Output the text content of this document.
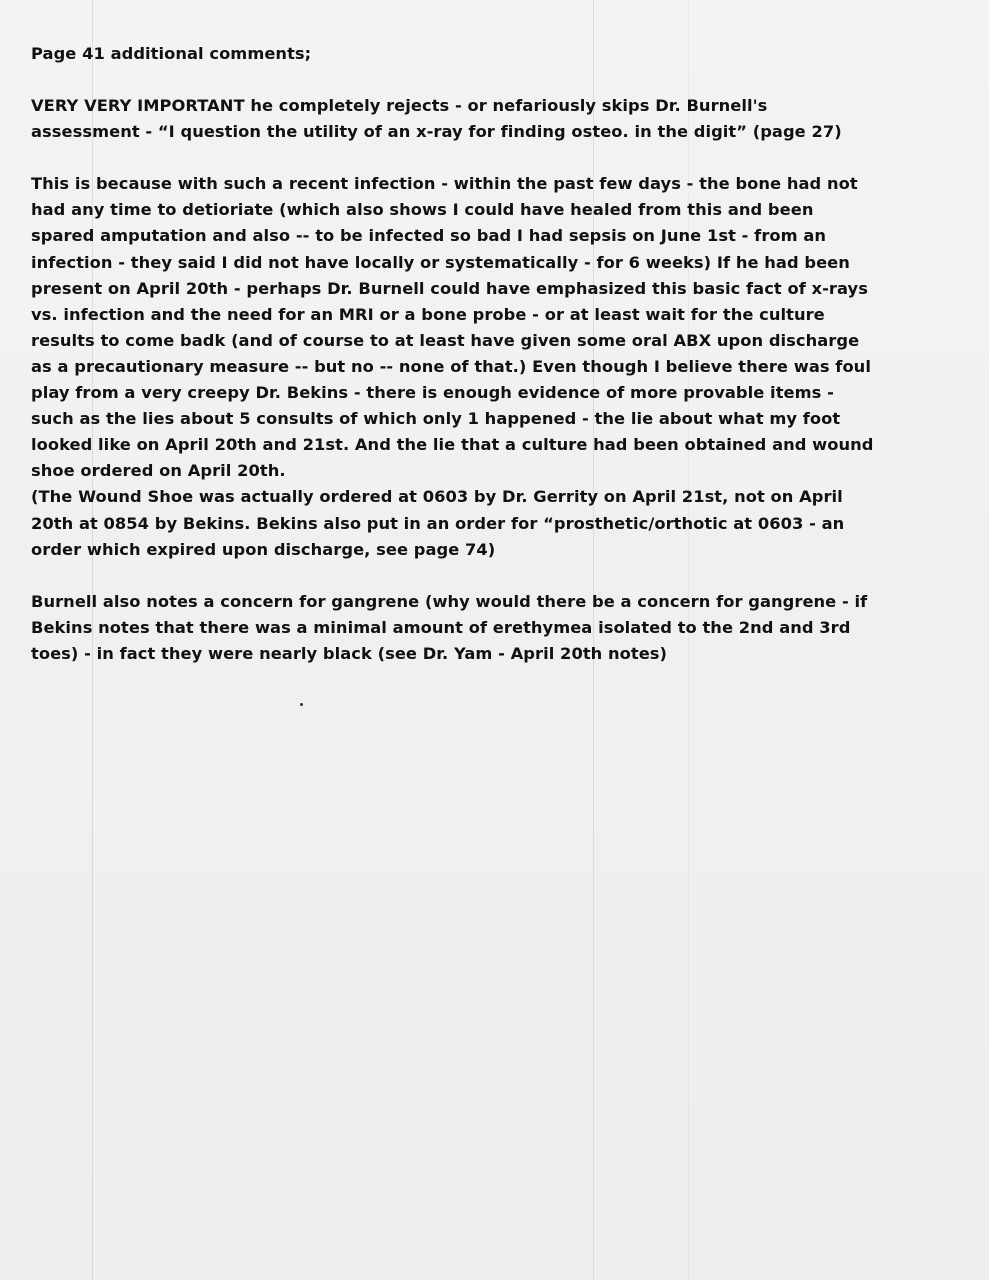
Page 41 additional comments;

VERY VERY IMPORTANT he completely rejects - or nefariously skips Dr. Burnell's

assessment - “I question the utility of an x-ray for finding osteo. in the digit” (page 27)

This is because with such a recent infection - within the past few days - the bone had not

had any time to detioriate (which also shows I could have healed from this and been

spared amputation and also -- to be infected so bad I had sepsis on June 1st - from an

infection - they said I did not have locally or systematically - for 6 weeks) If he had been

present on April 20th - perhaps Dr. Burnell could have emphasized this basic fact of x-rays

vs. infection and the need for an MRI or a bone probe - or at least wait for the culture

results to come badk (and of course to at least have given some oral ABX upon discharge

as a precautionary measure -- but no -- none of that.) Even though I believe there was foul

play from a very creepy Dr. Bekins - there is enough evidence of more provable items -

such as the lies about 5 consults of which only 1 happened - the lie about what my foot

looked like on April 20th and 21st. And the lie that a culture had been obtained and wound

shoe ordered on April 20th.

(The Wound Shoe was actually ordered at 0603 by Dr. Gerrity on April 21st, not on April

20th at 0854 by Bekins. Bekins also put in an order for “prosthetic/orthotic at 0603 - an

order which expired upon discharge, see page 74)

Burnell also notes a concern for gangrene (why would there be a concern for gangrene - if

Bekins notes that there was a minimal amount of erethymea isolated to the 2nd and 3rd

toes) - in fact they were nearly black (see Dr. Yam - April 20th notes)
